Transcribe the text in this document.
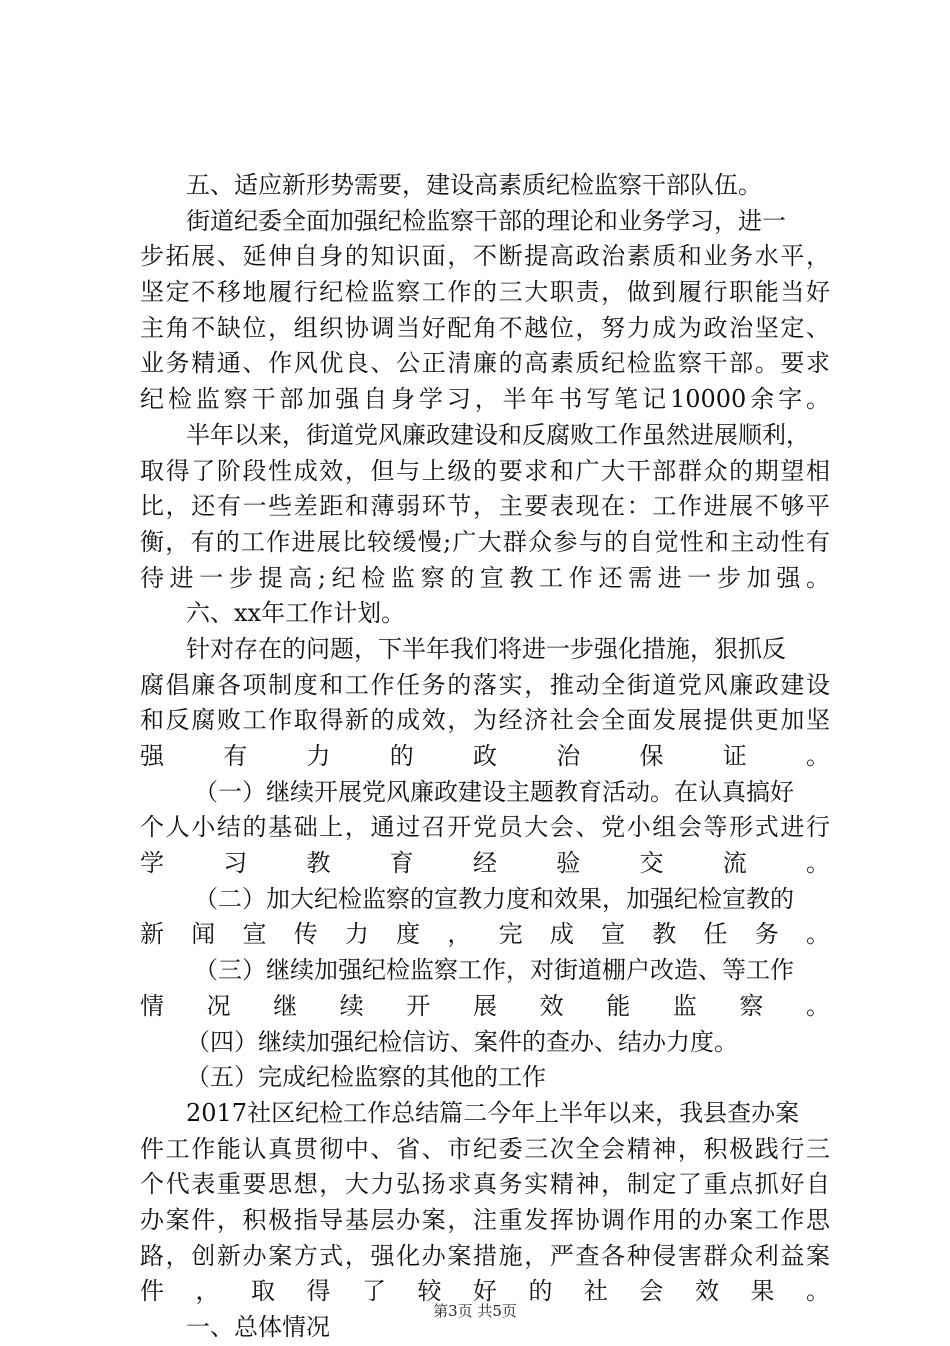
五、适应新形势需要，建设高素质纪检监察干部队伍。
街道纪委全面加强纪检监察干部的理论和业务学习，进一
步拓展、延伸自身的知识面，不断提高政治素质和业务水平，
坚定不移地履行纪检监察工作的三大职责，做到履行职能当好
主角不缺位，组织协调当好配角不越位，努力成为政治坚定、
业务精通、作风优良、公正清廉的高素质纪检监察干部。要求
纪检监察干部加强自身学习，半年书写笔记10000余字。
半年以来，街道党风廉政建设和反腐败工作虽然进展顺利，
取得了阶段性成效，但与上级的要求和广大干部群众的期望相
比，还有一些差距和薄弱环节，主要表现在：工作进展不够平
衡，有的工作进展比较缓慢;广大群众参与的自觉性和主动性有
待进一步提高;纪检监察的宣教工作还需进一步加强。
六、xx年工作计划。
针对存在的问题，下半年我们将进一步强化措施，狠抓反
腐倡廉各项制度和工作任务的落实，推动全街道党风廉政建设
和反腐败工作取得新的成效，为经济社会全面发展提供更加坚
强有力的政治保证。
（一）继续开展党风廉政建设主题教育活动。在认真搞好
个人小结的基础上，通过召开党员大会、党小组会等形式进行
学习教育经验交流。
（二）加大纪检监察的宣教力度和效果，加强纪检宣教的
新闻宣传力度，完成宣教任务。
（三）继续加强纪检监察工作，对街道棚户改造、等工作
情况继续开展效能监察。
（四）继续加强纪检信访、案件的查办、结办力度。
（五）完成纪检监察的其他的工作
2017社区纪检工作总结篇二今年上半年以来，我县查办案
件工作能认真贯彻中、省、市纪委三次全会精神，积极践行三
个代表重要思想，大力弘扬求真务实精神，制定了重点抓好自
办案件，积极指导基层办案，注重发挥协调作用的办案工作思
路，创新办案方式，强化办案措施，严查各种侵害群众利益案
件，取得了较好的社会效果。
一、总体情况
第3页 共5页
